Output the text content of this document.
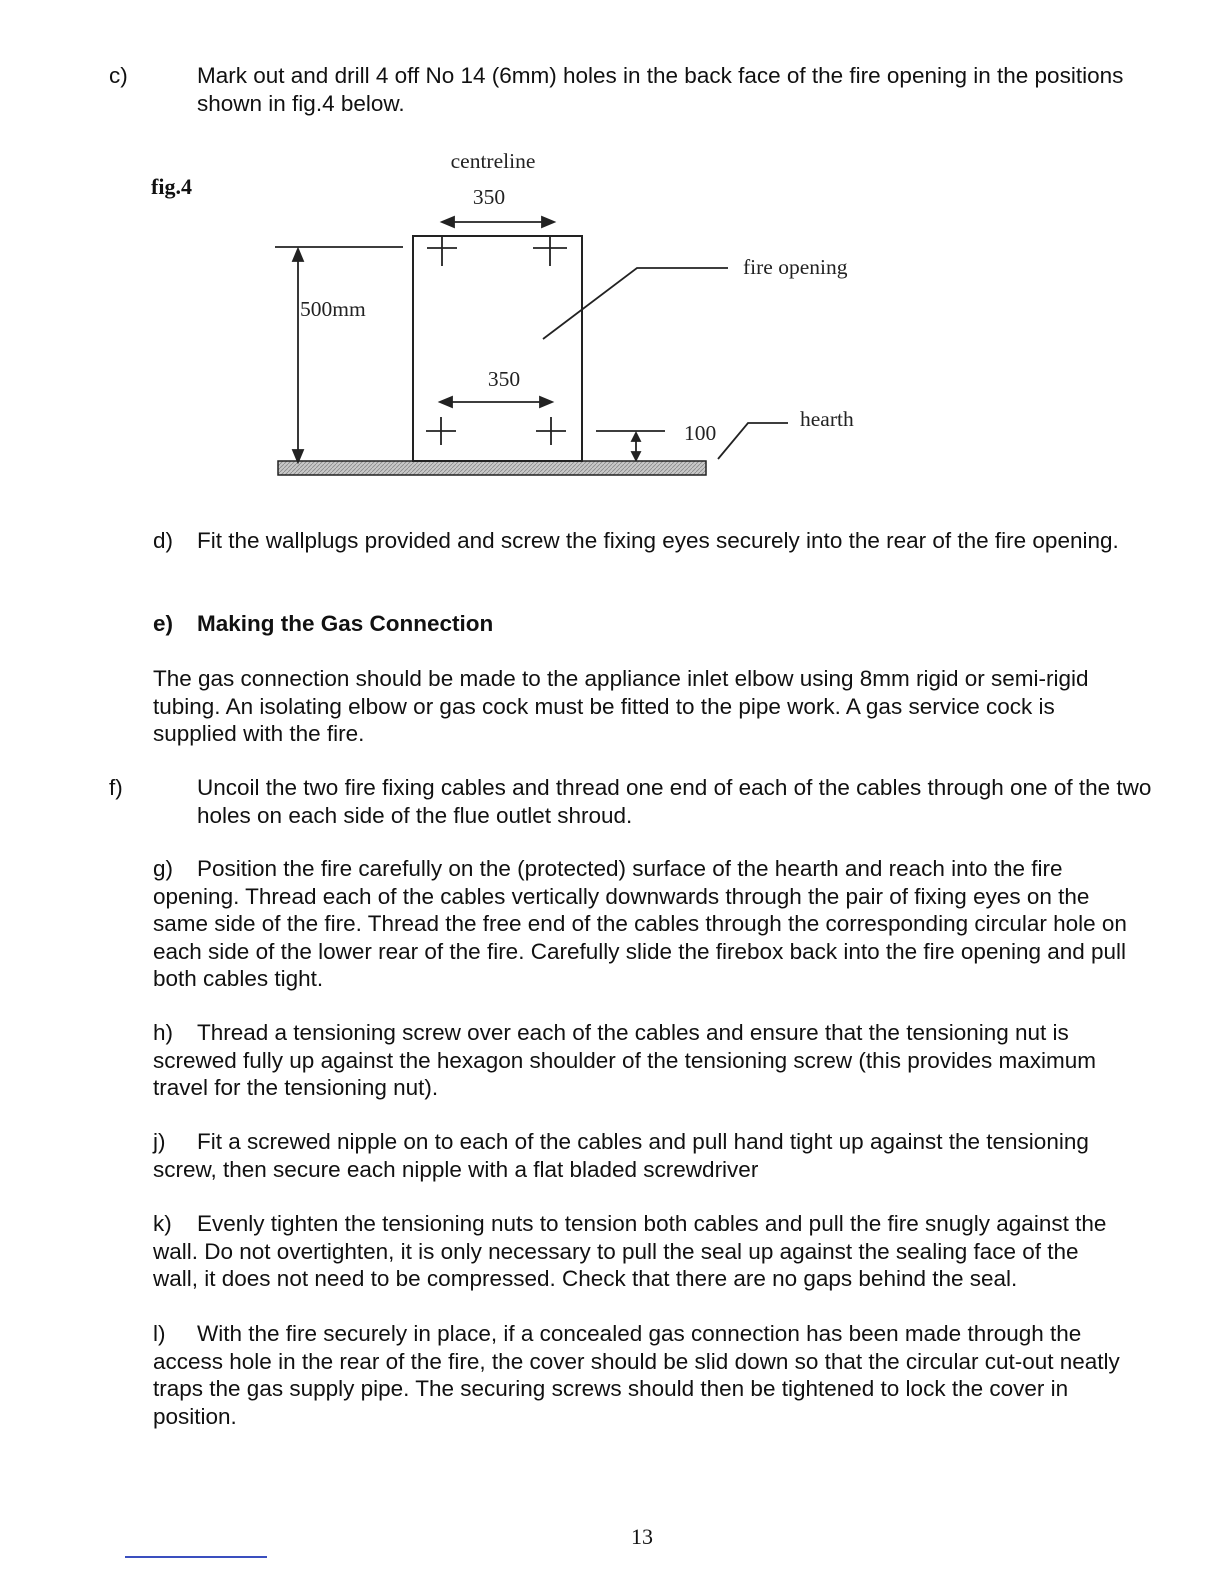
c)	Mark out and drill 4 off No 14 (6mm) holes in the back face of the fire opening in the positions shown in fig.4 below.

fig.4
centreline
350
350
500mm
fire opening
hearth
100

d) Fit the wallplugs provided and screw the fixing eyes securely into the rear of the fire opening.

e) Making the Gas Connection

The gas connection should be made to the appliance inlet elbow using 8mm rigid or semi-rigid tubing. An isolating elbow or gas cock must be fitted to the pipe work. A gas service cock is supplied with the fire.

f)	Uncoil the two fire fixing cables and thread one end of each of the cables through one of the two holes on each side of the flue outlet shroud.

g) Position the fire carefully on the (protected) surface of the hearth and reach into the fire opening. Thread each of the cables vertically downwards through the pair of fixing eyes on the same side of the fire. Thread the free end of the cables through the corresponding circular hole on each side of the lower rear of the fire. Carefully slide the firebox back into the fire opening and pull both cables tight.

h) Thread a tensioning screw over each of the cables and ensure that the tensioning nut is screwed fully up against the hexagon shoulder of the tensioning screw (this provides maximum travel for the tensioning nut).

j) Fit a screwed nipple on to each of the cables and pull hand tight up against the tensioning screw, then secure each nipple with a flat bladed screwdriver

k) Evenly tighten the tensioning nuts to tension both cables and pull the fire snugly against the wall. Do not overtighten, it is only necessary to pull the seal up against the sealing face of the wall, it does not need to be compressed. Check that there are no gaps behind the seal.

l) With the fire securely in place, if a concealed gas connection has been made through the access hole in the rear of the fire, the cover should be slid down so that the circular cut-out neatly traps the gas supply pipe. The securing screws should then be tightened to lock the cover in position.

13
